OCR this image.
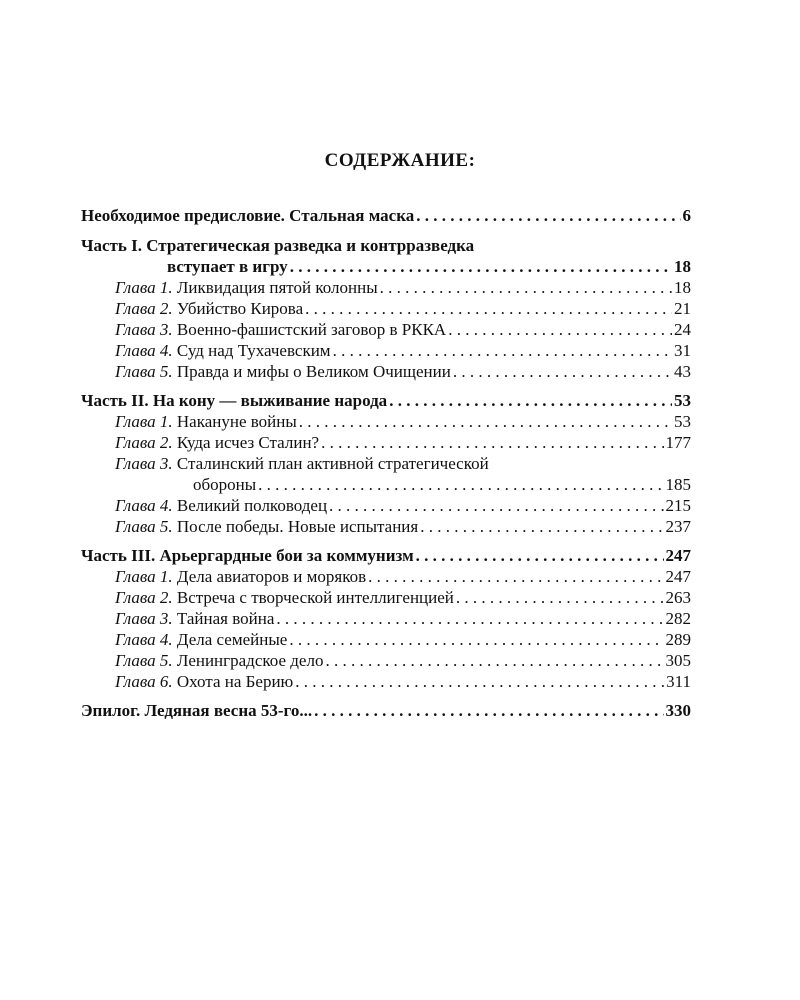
СОДЕРЖАНИЕ:
Необходимое предисловие. Стальная маска . . .	6
Часть I. Стратегическая разведка и контрразведка
вступает в игру . . .	18
Глава 1. Ликвидация пятой колонны . . .	18
Глава 2. Убийство Кирова . . .	21
Глава 3. Военно-фашистский заговор в РККА . . .	24
Глава 4. Суд над Тухачевским . . .	31
Глава 5. Правда и мифы о Великом Очищении . . .	43
Часть II. На кону — выживание народа . . .	53
Глава 1. Накануне войны . . .	53
Глава 2. Куда исчез Сталин? . . .	177
Глава 3. Сталинский план активной стратегической
обороны . . .	185
Глава 4. Великий полководец . . .	215
Глава 5. После победы. Новые испытания . . .	237
Часть III. Арьергардные бои за коммунизм . . .	247
Глава 1. Дела авиаторов и моряков . . .	247
Глава 2. Встреча с творческой интеллигенцией . . .	263
Глава 3. Тайная война . . .	282
Глава 4. Дела семейные . . .	289
Глава 5. Ленинградское дело . . .	305
Глава 6. Охота на Берию . . .	311
Эпилог. Ледяная весна 53-го... . . .	330
